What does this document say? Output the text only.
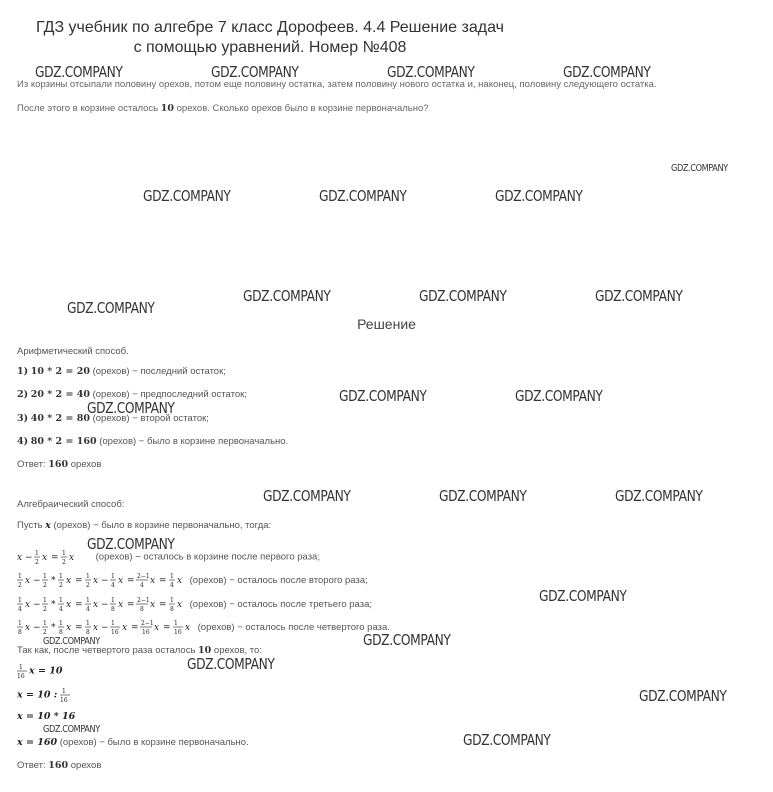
ГДЗ учебник по алгебре 7 класс Дорофеев. 4.4 Решение задач
с помощью уравнений. Номер №408
Из корзины отсыпали половину орехов, потом еще половину остатка, затем половину нового остатка и, наконец, половину следующего остатка.
После этого в корзине осталось 10 орехов. Сколько орехов было в корзине первоначально?
Решение
Арифметический способ.
1) 10 * 2 = 20 (орехов) − последний остаток;
2) 20 * 2 = 40 (орехов) − предпоследний остаток;
3) 40 * 2 = 80 (орехов) − второй остаток;
4) 80 * 2 = 160 (орехов) − было в корзине первоначально.
Ответ: 160 орехов
Алгебраический способ:
Пусть x (орехов) − было в корзине первоначально, тогда:
x − 1
2 x = 1
2 x (орехов) − осталось в корзине после первого раза;
1
2 x − 1
2 * 1
2 x = 1
2 x − 1
4 x = 2−1
4 x = 1
4 x (орехов) − осталось после второго раза;
1
4 x − 1
2 * 1
4 x = 1
4 x − 1
8 x = 2−1
8 x = 1
8 x (орехов) − осталось после третьего раза;
1
8 x − 1
2 * 1
8 x = 1
8 x − 1
16 x = 2−1
16 x = 1
16 x (орехов) − осталось после четвертого раза.
Так как, после четвертого раза осталось 10 орехов, то:
1
16 x = 10
x = 10 : 1
16
x = 10 * 16
x = 160 (орехов) − было в корзине первоначально.
Ответ: 160 орехов
GDZ.COMPANY	GDZ.COMPANY	GDZ.COMPANY	GDZ.COMPANY
GDZ.COMPANY
GDZ.COMPANY	GDZ.COMPANY	GDZ.COMPANY
GDZ.COMPANY	GDZ.COMPANY	GDZ.COMPANY
GDZ.COMPANY
GDZ.COMPANY	GDZ.COMPANY
GDZ.COMPANY
GDZ.COMPANY	GDZ.COMPANY	GDZ.COMPANY
GDZ.COMPANY
GDZ.COMPANY
GDZ.COMPANY
GDZ.COMPANY
GDZ.COMPANY
GDZ.COMPANY
GDZ.COMPANY
GDZ.COMPANY
